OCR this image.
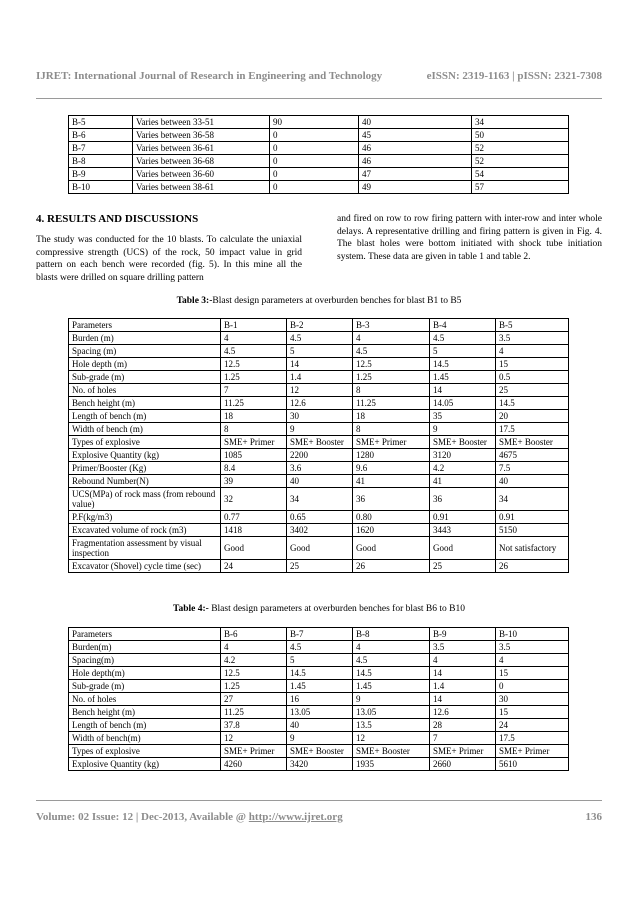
IJRET: International Journal of Research in Engineering and Technology	eISSN: 2319-1163 | pISSN: 2321-7308
B-5	Varies between 33-51	90	40	34
B-6	Varies between 36-58	0	45	50
B-7	Varies between 36-61	0	46	52
B-8	Varies between 36-68	0	46	52
B-9	Varies between 36-60	0	47	54
B-10	Varies between 38-61	0	49	57
4. RESULTS AND DISCUSSIONS
The study was conducted for the 10 blasts. To calculate the uniaxial compressive strength (UCS) of the rock, 50 impact value in grid pattern on each bench were recorded (fig. 5). In this mine all the blasts were drilled on square drilling pattern
and fired on row to row firing pattern with inter-row and inter whole delays. A representative drilling and firing pattern is given in Fig. 4. The blast holes were bottom initiated with shock tube initiation system. These data are given in table 1 and table 2.
Table 3:-Blast design parameters at overburden benches for blast B1 to B5
Parameters	B-1	B-2	B-3	B-4	B-5
Burden (m)	4	4.5	4	4.5	3.5
Spacing (m)	4.5	5	4.5	5	4
Hole depth (m)	12.5	14	12.5	14.5	15
Sub-grade (m)	1.25	1.4	1.25	1.45	0.5
No. of holes	7	12	8	14	25
Bench height (m)	11.25	12.6	11.25	14.05	14.5
Length of bench (m)	18	30	18	35	20
Width of bench (m)	8	9	8	9	17.5
Types of explosive	SME+ Primer	SME+ Booster	SME+ Primer	SME+ Booster	SME+ Booster
Explosive Quantity (kg)	1085	2200	1280	3120	4675
Primer/Booster (Kg)	8.4	3.6	9.6	4.2	7.5
Rebound Number(N)	39	40	41	41	40
UCS(MPa) of rock mass (from rebound value)	32	34	36	36	34
P.F(kg/m3)	0.77	0.65	0.80	0.91	0.91
Excavated volume of rock (m3)	1418	3402	1620	3443	5150
Fragmentation assessment by visual inspection	Good	Good	Good	Good	Not satisfactory
Excavator (Shovel) cycle time (sec)	24	25	26	25	26
Table 4:- Blast design parameters at overburden benches for blast B6 to B10
Parameters	B-6	B-7	B-8	B-9	B-10
Burden(m)	4	4.5	4	3.5	3.5
Spacing(m)	4.2	5	4.5	4	4
Hole depth(m)	12.5	14.5	14.5	14	15
Sub-grade (m)	1.25	1.45	1.45	1.4	0
No. of holes	27	16	9	14	30
Bench height (m)	11.25	13.05	13.05	12.6	15
Length of bench (m)	37.8	40	13.5	28	24
Width of bench(m)	12	9	12	7	17.5
Types of explosive	SME+ Primer	SME+ Booster	SME+ Booster	SME+ Primer	SME+ Primer
Explosive Quantity (kg)	4260	3420	1935	2660	5610
Volume: 02 Issue: 12 | Dec-2013, Available @ http://www.ijret.org	136
